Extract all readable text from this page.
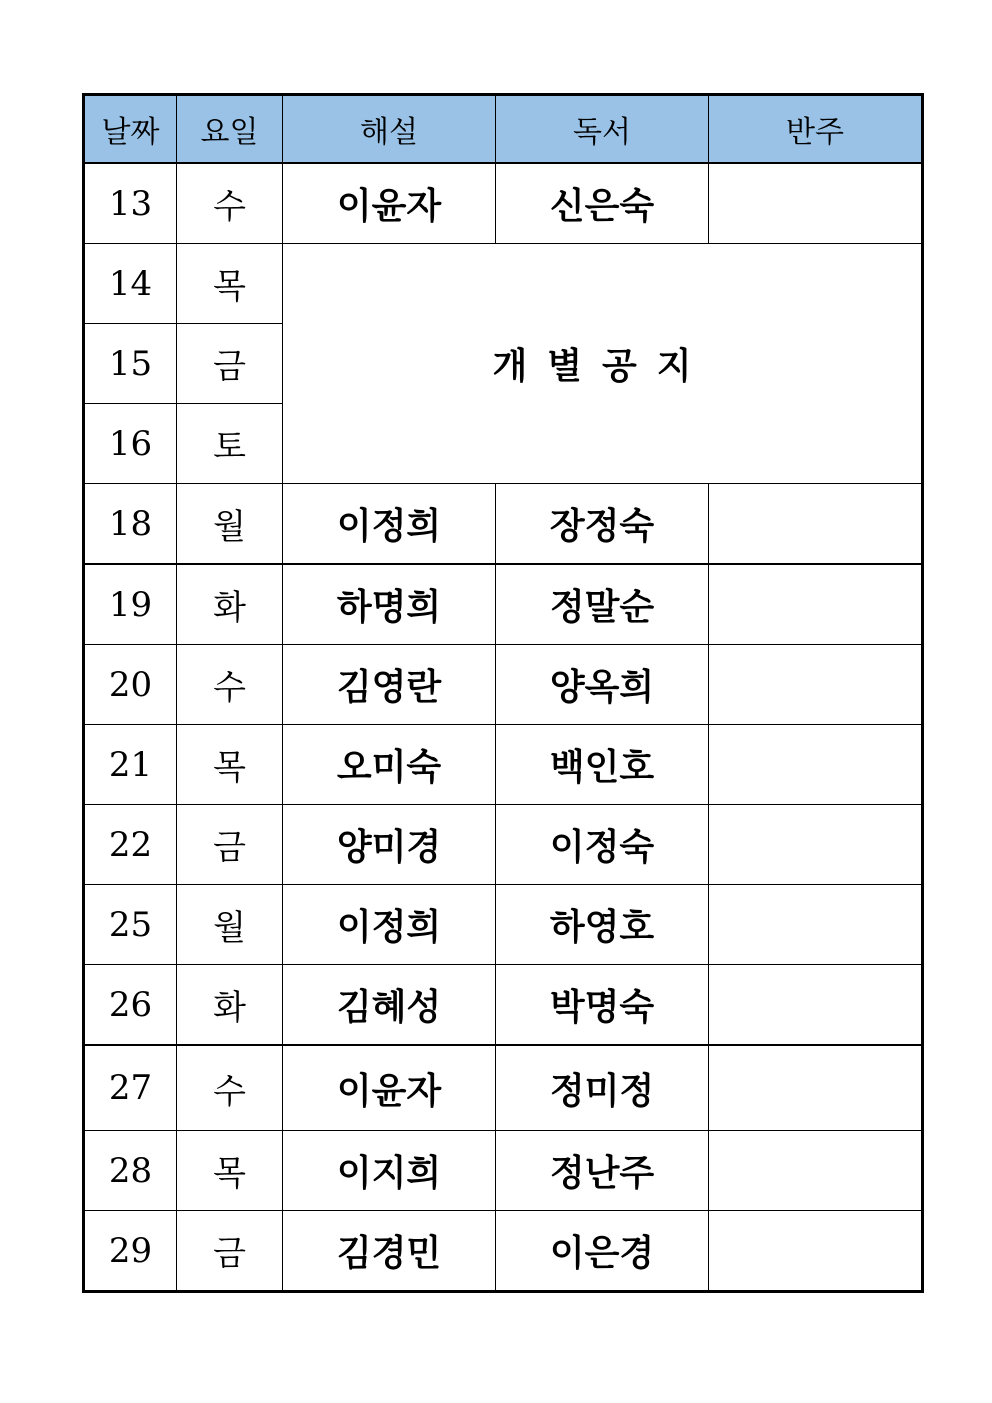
날짜	요일	해설	독서	반주
13	수	이윤자	신은숙	
14	목	개별공지		
15	금			
16	토			
18	월	이정희	장정숙	
19	화	하명희	정말순	
20	수	김영란	양옥희	
21	목	오미숙	백인호	
22	금	양미경	이정숙	
25	월	이정희	하영호	
26	화	김혜성	박명숙	
27	수	이윤자	정미정	
28	목	이지희	정난주	
29	금	김경민	이은경	
